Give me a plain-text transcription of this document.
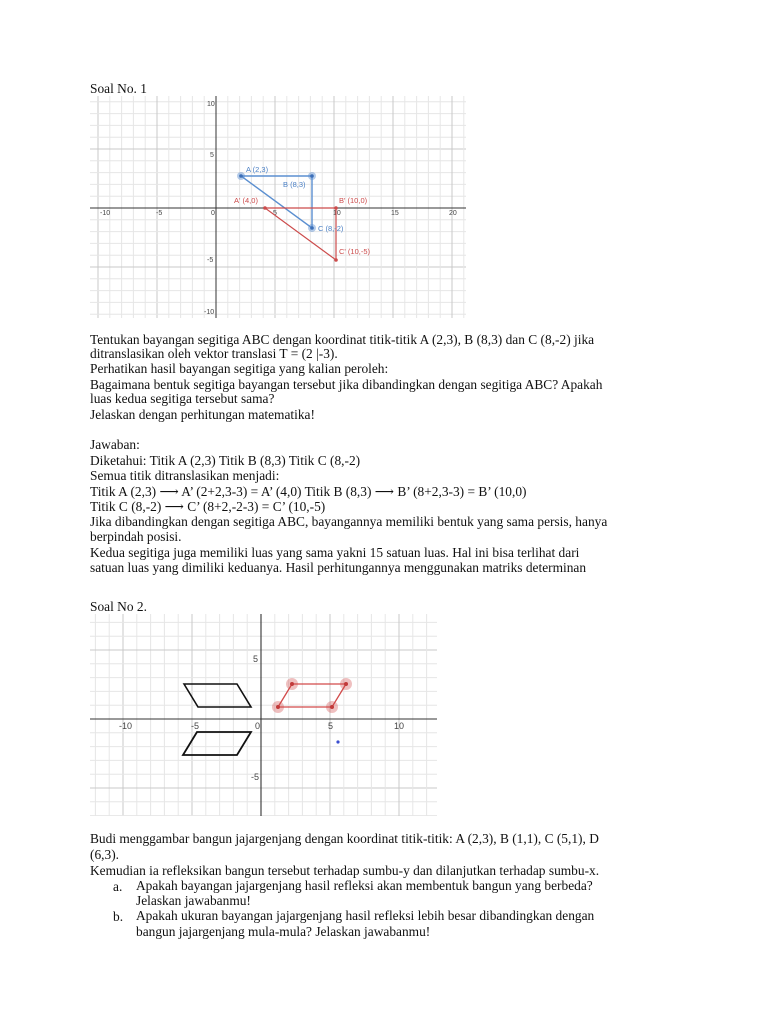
Soal No. 1

-10	-5	0	5	10	15	20
10
5
-5
-10
A (2,3)
B (8,3)
C (8,-2)
A' (4,0)	B' (10,0)
C' (10,-5)

Tentukan bayangan segitiga ABC dengan koordinat titik-titik A (2,3), B (8,3) dan C (8,-2) jika

ditranslasikan oleh vektor translasi T = (2 |-3).

Perhatikan hasil bayangan segitiga yang kalian peroleh:

Bagaimana bentuk segitiga bayangan tersebut jika dibandingkan dengan segitiga ABC? Apakah

luas kedua segitiga tersebut sama?

Jelaskan dengan perhitungan matematika!

Jawaban:

Diketahui: Titik A (2,3) Titik B (8,3) Titik C (8,-2)

Semua titik ditranslasikan menjadi:

Titik A (2,3) ⟶ A’ (2+2,3-3) = A’ (4,0) Titik B (8,3) ⟶ B’ (8+2,3-3) = B’ (10,0)

Titik C (8,-2) ⟶ C’ (8+2,-2-3) = C’ (10,-5)

Jika dibandingkan dengan segitiga ABC, bayangannya memiliki bentuk yang sama persis, hanya

berpindah posisi.

Kedua segitiga juga memiliki luas yang sama yakni 15 satuan luas. Hal ini bisa terlihat dari

satuan luas yang dimiliki keduanya. Hasil perhitungannya menggunakan matriks determinan

Soal No 2.

-10	-5	0	5	10
5
-5

Budi menggambar bangun jajargenjang dengan koordinat titik-titik: A (2,3), B (1,1), C (5,1), D

(6,3).

Kemudian ia refleksikan bangun tersebut terhadap sumbu-y dan dilanjutkan terhadap sumbu-x.

a. Apakah bayangan jajargenjang hasil refleksi akan membentuk bangun yang berbeda?

Jelaskan jawabanmu!

b. Apakah ukuran bayangan jajargenjang hasil refleksi lebih besar dibandingkan dengan

bangun jajargenjang mula-mula? Jelaskan jawabanmu!
